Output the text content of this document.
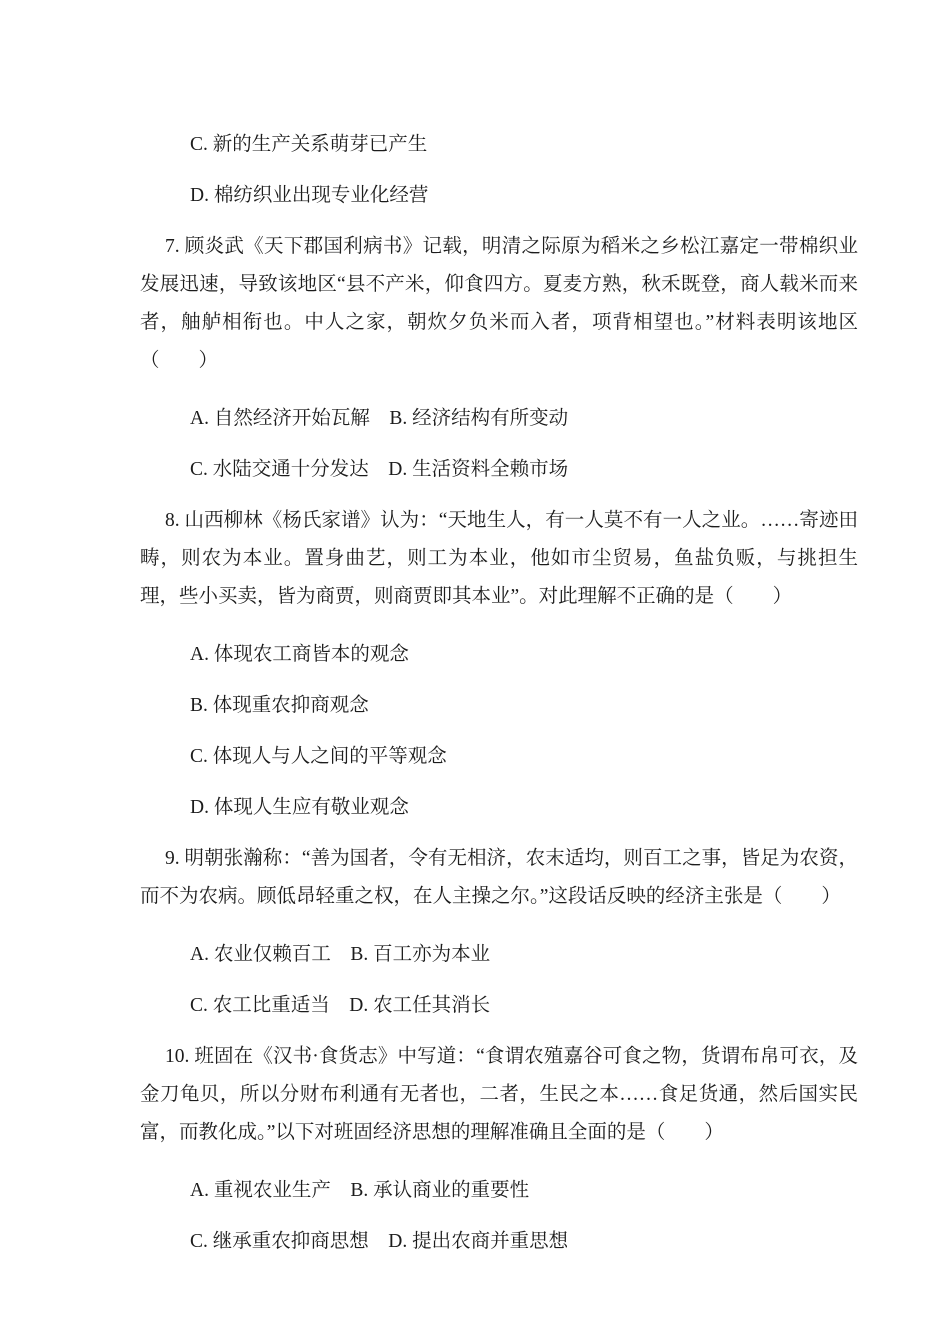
C. 新的生产关系萌芽已产生

D. 棉纺织业出现专业化经营

7. 顾炎武《天下郡国利病书》记载，明清之际原为稻米之乡松江嘉定一带棉织业发展迅速，导致该地区“县不产米，仰食四方。夏麦方熟，秋禾既登，商人载米而来者，舳舻相衔也。中人之家，朝炊夕负米而入者，项背相望也。”材料表明该地区（　　）

A. 自然经济开始瓦解　B. 经济结构有所变动

C. 水陆交通十分发达　D. 生活资料全赖市场

8. 山西柳林《杨氏家谱》认为：“天地生人，有一人莫不有一人之业。……寄迹田畴，则农为本业。置身曲艺，则工为本业，他如市尘贸易，鱼盐负贩，与挑担生理，些小买卖，皆为商贾，则商贾即其本业”。对此理解不正确的是（　　）

A. 体现农工商皆本的观念

B. 体现重农抑商观念

C. 体现人与人之间的平等观念

D. 体现人生应有敬业观念

9. 明朝张瀚称：“善为国者，令有无相济，农末适均，则百工之事，皆足为农资，而不为农病。顾低昂轻重之权，在人主操之尔。”这段话反映的经济主张是（　　）

A. 农业仅赖百工　B. 百工亦为本业

C. 农工比重适当　D. 农工任其消长

10. 班固在《汉书·食货志》中写道：“食谓农殖嘉谷可食之物，货谓布帛可衣，及金刀龟贝，所以分财布利通有无者也，二者，生民之本……食足货通，然后国实民富，而教化成。”以下对班固经济思想的理解准确且全面的是（　　）

A. 重视农业生产　B. 承认商业的重要性

C. 继承重农抑商思想　D. 提出农商并重思想
